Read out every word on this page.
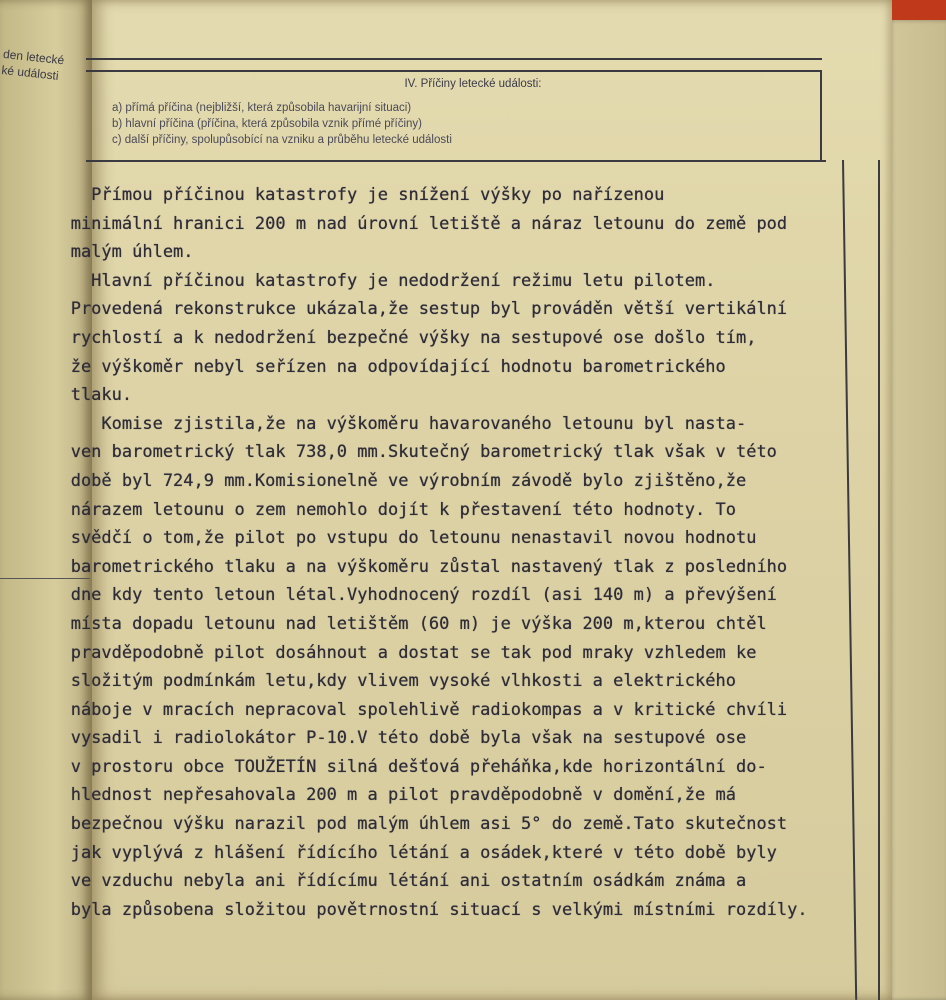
den letecké
ké události
IV. Příčiny letecké události:
a) přímá příčina (nejbližší, která způsobila havarijní situaci)
b) hlavní příčina (příčina, která způsobila vznik přímé příčiny)
c) další příčiny, spolupůsobící na vzniku a průběhu letecké události
Přímou příčinou katastrofy je snížení výšky po nařízenou
minimální hranici 200 m nad úrovní letiště a náraz letounu do země pod
malým úhlem.
Hlavní příčinou katastrofy je nedodržení režimu letu pilotem.
Provedená rekonstrukce ukázala,že sestup byl prováděn větší vertikální
rychlostí a k nedodržení bezpečné výšky na sestupové ose došlo tím,
že výškoměr nebyl seřízen na odpovídající hodnotu barometrického
tlaku.
Komise zjistila,že na výškoměru havarovaného letounu byl nasta-
ven barometrický tlak 738,0 mm.Skutečný barometrický tlak však v této
době byl 724,9 mm.Komisionelně ve výrobním závodě bylo zjištěno,že
nárazem letounu o zem nemohlo dojít k přestavení této hodnoty. To
svědčí o tom,že pilot po vstupu do letounu nenastavil novou hodnotu
barometrického tlaku a na výškoměru zůstal nastavený tlak z posledního
dne kdy tento letoun létal.Vyhodnocený rozdíl (asi 140 m) a převýšení
místa dopadu letounu nad letištěm (60 m) je výška 200 m,kterou chtěl
pravděpodobně pilot dosáhnout a dostat se tak pod mraky vzhledem ke
složitým podmínkám letu,kdy vlivem vysoké vlhkosti a elektrického
náboje v mracích nepracoval spolehlivě radiokompas a v kritické chvíli
vysadil i radiolokátor P-10.V této době byla však na sestupové ose
v prostoru obce TOUŽETÍN silná dešťová přeháňka,kde horizontální do-
hlednost nepřesahovala 200 m a pilot pravděpodobně v domění,že má
bezpečnou výšku narazil pod malým úhlem asi 5° do země.Tato skutečnost
jak vyplývá z hlášení řídícího létání a osádek,které v této době byly
ve vzduchu nebyla ani řídícímu létání ani ostatním osádkám známa a
byla způsobena složitou povětrnostní situací s velkými místními rozdíly.
